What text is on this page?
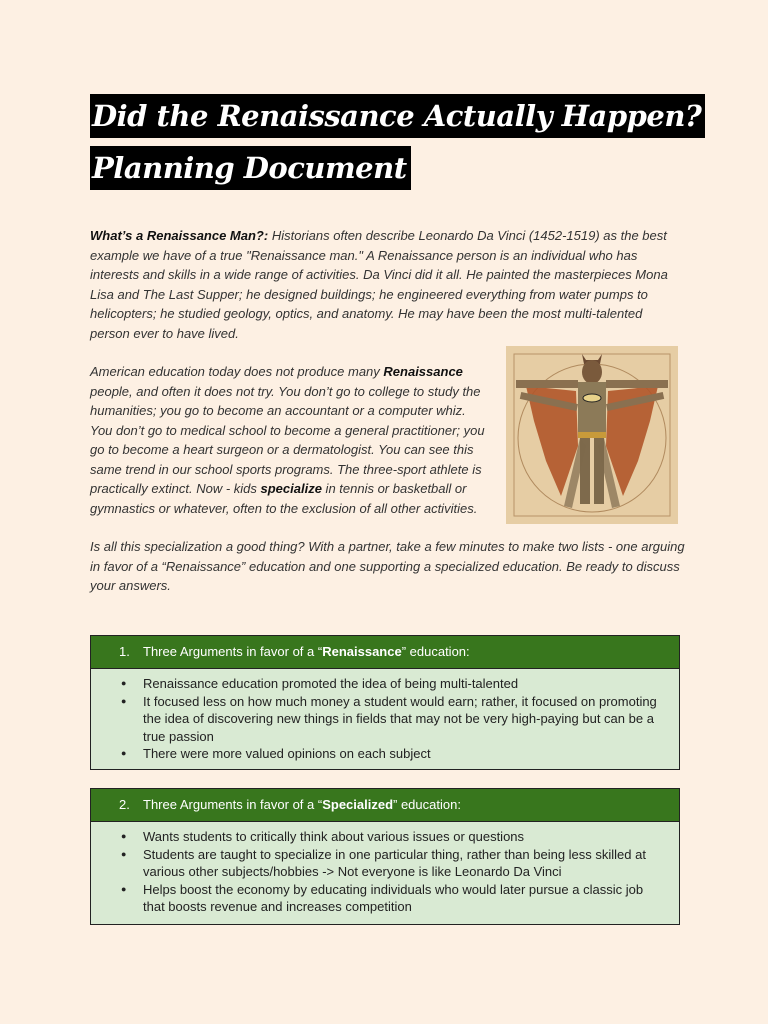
Did the Renaissance Actually Happen?
Planning Document
What’s a Renaissance Man?: Historians often describe Leonardo Da Vinci (1452-1519) as the best example we have of a true "Renaissance man." A Renaissance person is an individual who has interests and skills in a wide range of activities. Da Vinci did it all. He painted the masterpieces Mona Lisa and The Last Supper; he designed buildings; he engineered everything from water pumps to helicopters; he studied geology, optics, and anatomy. He may have been the most multi-talented person ever to have lived.
American education today does not produce many Renaissance people, and often it does not try. You don’t go to college to study the humanities; you go to become an accountant or a computer whiz. You don’t go to medical school to become a general practitioner; you go to become a heart surgeon or a dermatologist. You can see this same trend in our school sports programs. The three-sport athlete is practically extinct. Now - kids specialize in tennis or basketball or gymnastics or whatever, often to the exclusion of all other activities.
Is all this specialization a good thing? With a partner, take a few minutes to make two lists - one arguing in favor of a “Renaissance” education and one supporting a specialized education. Be ready to discuss your answers.
1. Three Arguments in favor of a “Renaissance” education:
● Renaissance education promoted the idea of being multi-talented
● It focused less on how much money a student would earn; rather, it focused on promoting the idea of discovering new things in fields that may not be very high-paying but can be a true passion
● There were more valued opinions on each subject
2. Three Arguments in favor of a “Specialized” education:
● Wants students to critically think about various issues or questions
● Students are taught to specialize in one particular thing, rather than being less skilled at various other subjects/hobbies -> Not everyone is like Leonardo Da Vinci
● Helps boost the economy by educating individuals who would later pursue a classic job that boosts revenue and increases competition
